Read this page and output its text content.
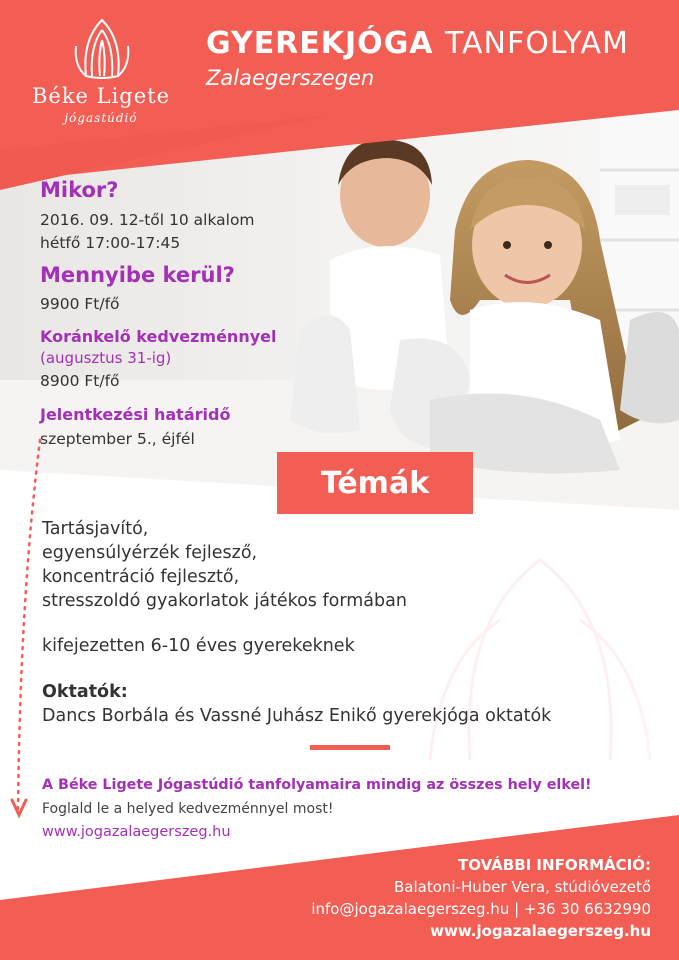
Béke Ligete
jógastúdió
GYEREKJÓGA TANFOLYAM
Zalaegerszegen
Mikor?
2016. 09. 12-től 10 alkalom
hétfő 17:00-17:45
Mennyibe kerül?
9900 Ft/fő
Koránkelő kedvezménnyel
(augusztus 31-ig)
8900 Ft/fő
Jelentkezési határidő
szeptember 5., éjfél
Témák
Tartásjavító,
egyensúlyérzék fejlesző,
koncentráció fejlesztő,
stresszoldó gyakorlatok játékos formában
kifejezetten 6-10 éves gyerekeknek
Oktatók:
Dancs Borbála és Vassné Juhász Enikő gyerekjóga oktatók
A Béke Ligete Jógastúdió tanfolyamaira mindig az összes hely elkel!
Foglald le a helyed kedvezménnyel most!
www.jogazalaegerszeg.hu
TOVÁBBI INFORMÁCIÓ:
Balatoni-Huber Vera, stúdióvezető
info@jogazalaegerszeg.hu | +36 30 6632990
www.jogazalaegerszeg.hu
